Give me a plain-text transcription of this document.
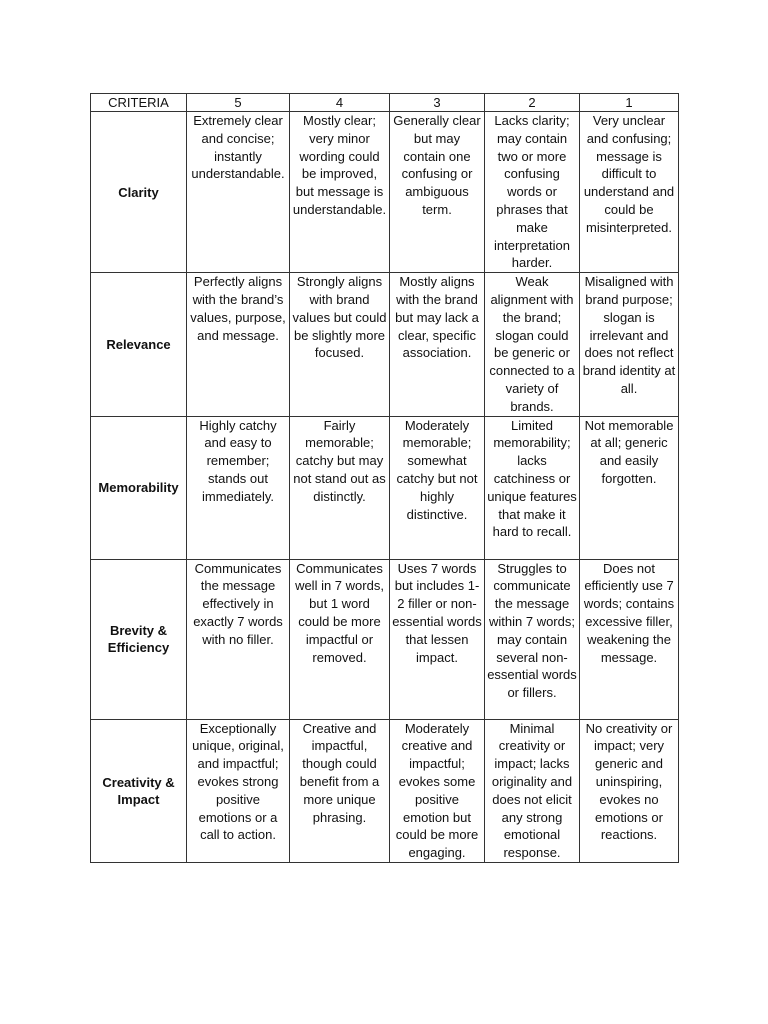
CRITERIA	5	4	3	2	1
Clarity	Extremely clear and concise; instantly understandable.	Mostly clear; very minor wording could be improved, but message is understandable.	Generally clear but may contain one confusing or ambiguous term.	Lacks clarity; may contain two or more confusing words or phrases that make interpretation harder.	Very unclear and confusing; message is difficult to understand and could be misinterpreted.
Relevance	Perfectly aligns with the brand’s values, purpose, and message.	Strongly aligns with brand values but could be slightly more focused.	Mostly aligns with the brand but may lack a clear, specific association.	Weak alignment with the brand; slogan could be generic or connected to a variety of brands.	Misaligned with brand purpose; slogan is irrelevant and does not reflect brand identity at all.
Memorability	Highly catchy and easy to remember; stands out immediately.	Fairly memorable; catchy but may not stand out as distinctly.	Moderately memorable; somewhat catchy but not highly distinctive.	Limited memorability; lacks catchiness or unique features that make it hard to recall.	Not memorable at all; generic and easily forgotten.
Brevity & Efficiency	Communicates the message effectively in exactly 7 words with no filler.	Communicates well in 7 words, but 1 word could be more impactful or removed.	Uses 7 words but includes 1-2 filler or non-essential words that lessen impact.	Struggles to communicate the message within 7 words; may contain several non-essential words or fillers.	Does not efficiently use 7 words; contains excessive filler, weakening the message.
Creativity & Impact	Exceptionally unique, original, and impactful; evokes strong positive emotions or a call to action.	Creative and impactful, though could benefit from a more unique phrasing.	Moderately creative and impactful; evokes some positive emotion but could be more engaging.	Minimal creativity or impact; lacks originality and does not elicit any strong emotional response.	No creativity or impact; very generic and uninspiring, evokes no emotions or reactions.
